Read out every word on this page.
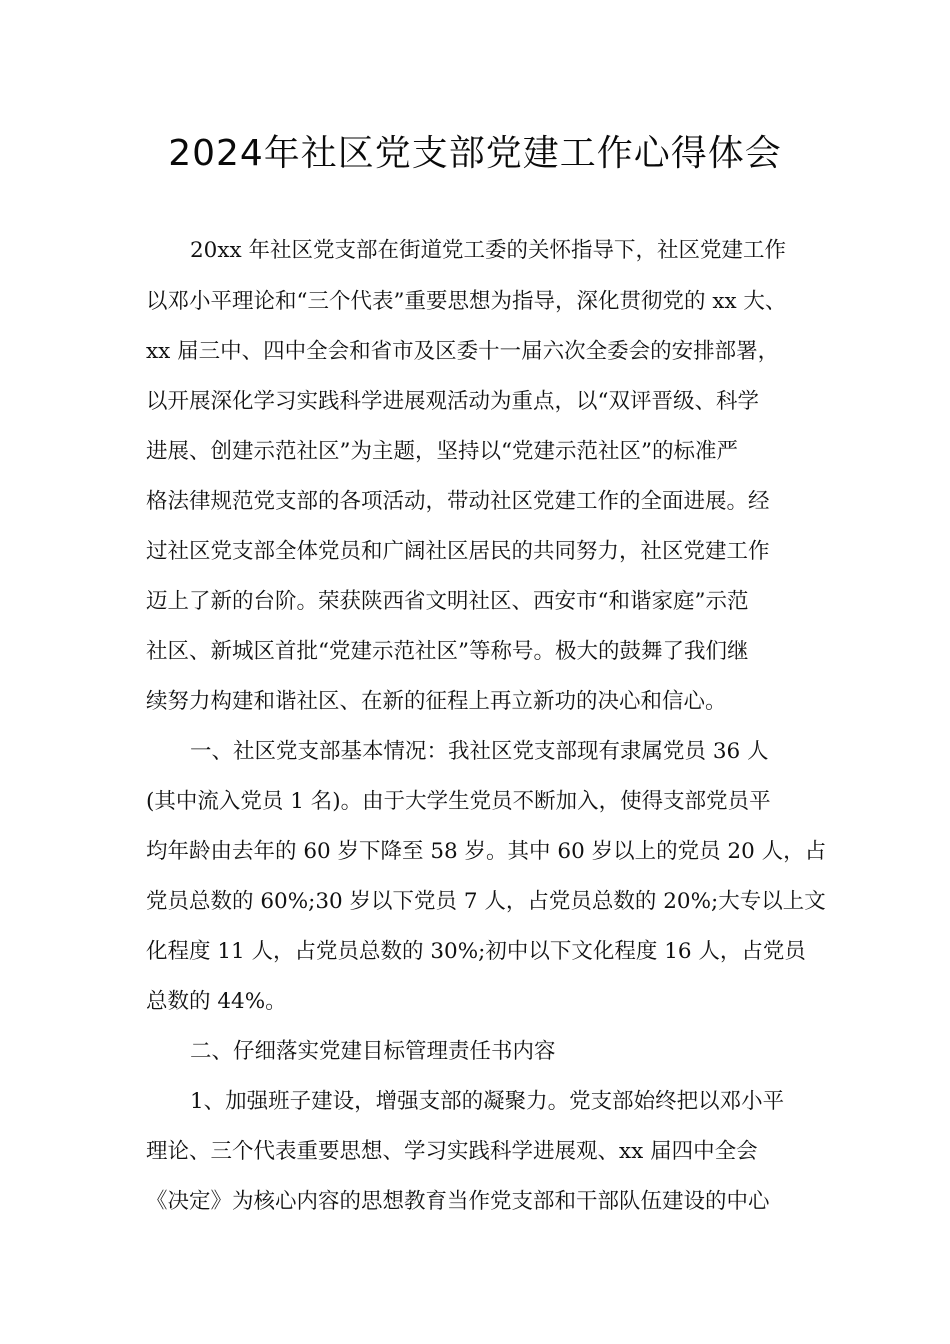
2024年社区党支部党建工作心得体会
20xx 年社区党支部在街道党工委的关怀指导下，社区党建工作
以邓小平理论和“三个代表”重要思想为指导，深化贯彻党的 xx 大、
xx 届三中、四中全会和省市及区委十一届六次全委会的安排部署，
以开展深化学习实践科学进展观活动为重点，以“双评晋级、科学
进展、创建示范社区”为主题，坚持以“党建示范社区”的标准严
格法律规范党支部的各项活动，带动社区党建工作的全面进展。经
过社区党支部全体党员和广阔社区居民的共同努力，社区党建工作
迈上了新的台阶。荣获陕西省文明社区、西安市“和谐家庭”示范
社区、新城区首批“党建示范社区”等称号。极大的鼓舞了我们继
续努力构建和谐社区、在新的征程上再立新功的决心和信心。
一、社区党支部基本情况：我社区党支部现有隶属党员 36 人
(其中流入党员 1 名)。由于大学生党员不断加入，使得支部党员平
均年龄由去年的 60 岁下降至 58 岁。其中 60 岁以上的党员 20 人，占
党员总数的 60%;30 岁以下党员 7 人，占党员总数的 20%;大专以上文
化程度 11 人，占党员总数的 30%;初中以下文化程度 16 人，占党员
总数的 44%。
二、仔细落实党建目标管理责任书内容
1、加强班子建设，增强支部的凝聚力。党支部始终把以邓小平
理论、三个代表重要思想、学习实践科学进展观、xx 届四中全会
《决定》为核心内容的思想教育当作党支部和干部队伍建设的中心
